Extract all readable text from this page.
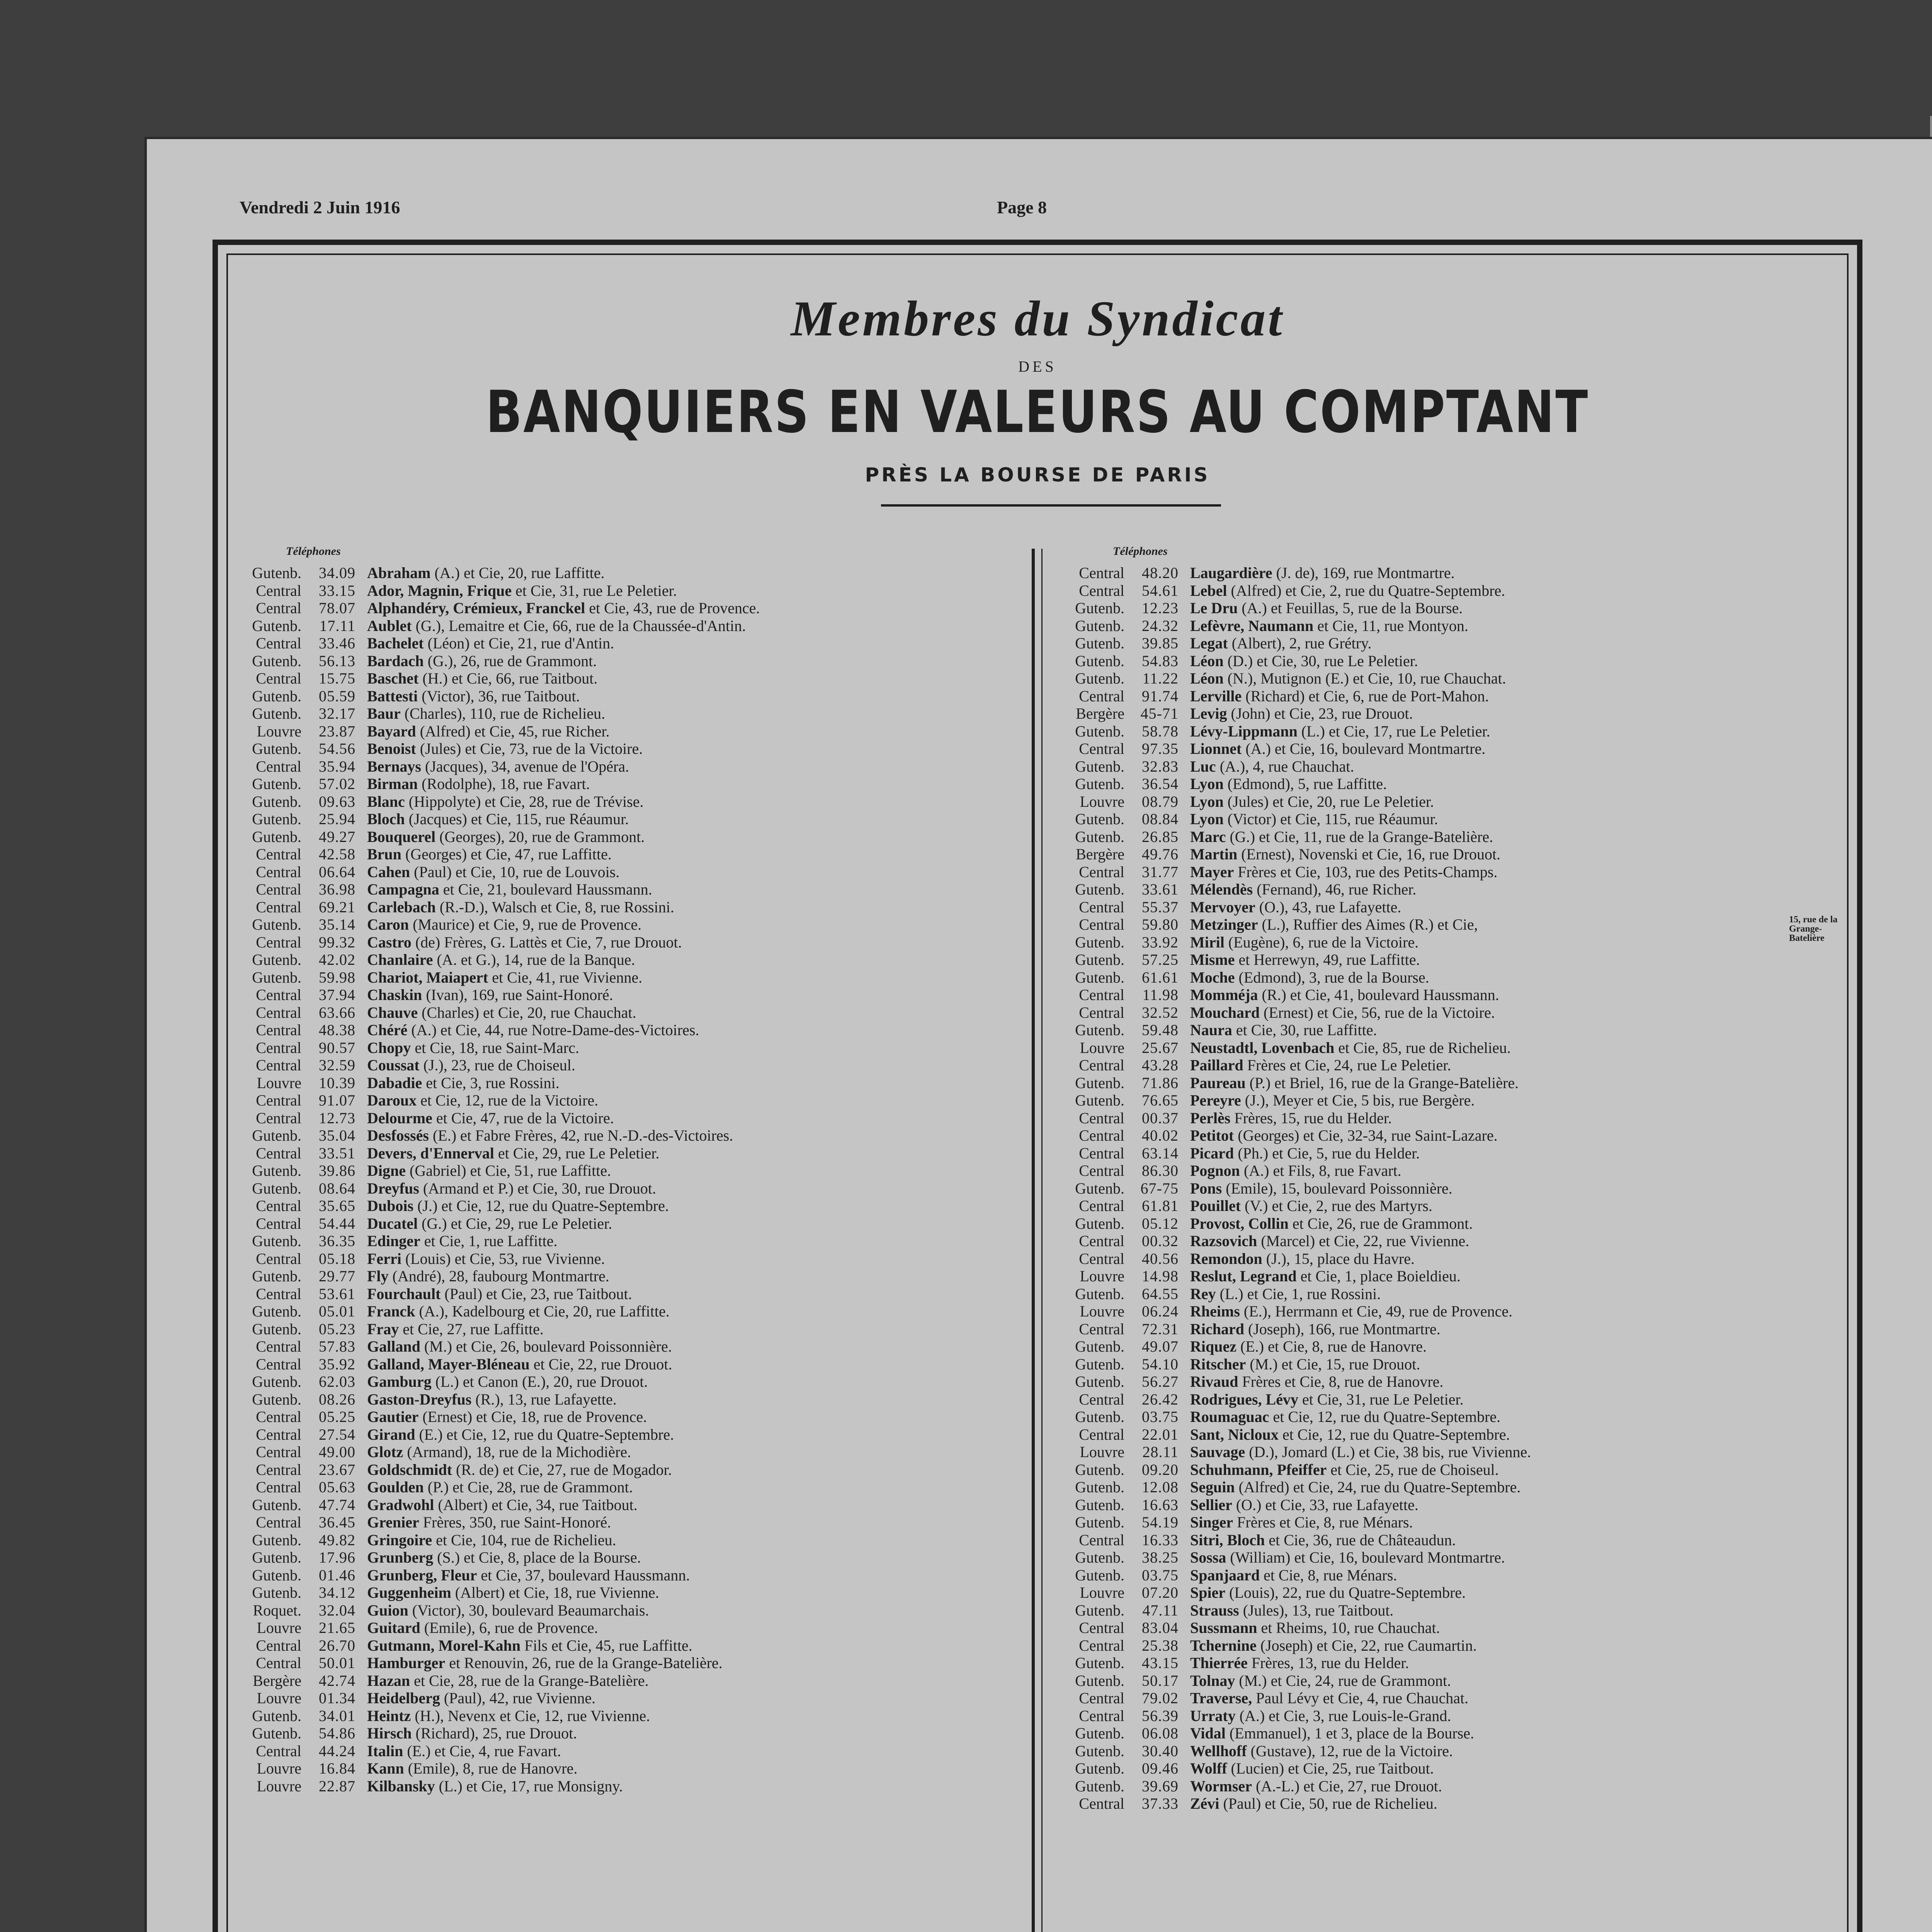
Vendredi 2 Juin 1916	Page 8
Membres du Syndicat
DES
BANQUIERS EN VALEURS AU COMPTANT
PRÈS LA BOURSE DE PARIS
Téléphones	Téléphones
Gutenb.	34.09 Abraham (A.) et Cie, 20, rue Laffitte.
Central	33.15 Ador, Magnin, Frique et Cie, 31, rue Le Peletier.
Central	78.07 Alphandéry, Crémieux, Franckel et Cie, 43, rue de Provence.
Gutenb.	17.11 Aublet (G.), Lemaitre et Cie, 66, rue de la Chaussée-d'Antin.
Central	33.46 Bachelet (Léon) et Cie, 21, rue d'Antin.
Gutenb.	56.13 Bardach (G.), 26, rue de Grammont.
Central	15.75 Baschet (H.) et Cie, 66, rue Taitbout.
Gutenb.	05.59 Battesti (Victor), 36, rue Taitbout.
Gutenb.	32.17 Baur (Charles), 110, rue de Richelieu.
Louvre	23.87 Bayard (Alfred) et Cie, 45, rue Richer.
Gutenb.	54.56 Benoist (Jules) et Cie, 73, rue de la Victoire.
Central	35.94 Bernays (Jacques), 34, avenue de l'Opéra.
Gutenb.	57.02 Birman (Rodolphe), 18, rue Favart.
Gutenb.	09.63 Blanc (Hippolyte) et Cie, 28, rue de Trévise.
Gutenb.	25.94 Bloch (Jacques) et Cie, 115, rue Réaumur.
Gutenb.	49.27 Bouquerel (Georges), 20, rue de Grammont.
Central	42.58 Brun (Georges) et Cie, 47, rue Laffitte.
Central	06.64 Cahen (Paul) et Cie, 10, rue de Louvois.
Central	36.98 Campagna et Cie, 21, boulevard Haussmann.
Central	69.21 Carlebach (R.-D.), Walsch et Cie, 8, rue Rossini.
Gutenb.	35.14 Caron (Maurice) et Cie, 9, rue de Provence.
Central	99.32 Castro (de) Frères, G. Lattès et Cie, 7, rue Drouot.
Gutenb.	42.02 Chanlaire (A. et G.), 14, rue de la Banque.
Gutenb.	59.98 Chariot, Maiapert et Cie, 41, rue Vivienne.
Central	37.94 Chaskin (Ivan), 169, rue Saint-Honoré.
Central	63.66 Chauve (Charles) et Cie, 20, rue Chauchat.
Central	48.38 Chéré (A.) et Cie, 44, rue Notre-Dame-des-Victoires.
Central	90.57 Chopy et Cie, 18, rue Saint-Marc.
Central	32.59 Coussat (J.), 23, rue de Choiseul.
Louvre	10.39 Dabadie et Cie, 3, rue Rossini.
Central	91.07 Daroux et Cie, 12, rue de la Victoire.
Central	12.73 Delourme et Cie, 47, rue de la Victoire.
Gutenb.	35.04 Desfossés (E.) et Fabre Frères, 42, rue N.-D.-des-Victoires.
Central	33.51 Devers, d'Ennerval et Cie, 29, rue Le Peletier.
Gutenb.	39.86 Digne (Gabriel) et Cie, 51, rue Laffitte.
Gutenb.	08.64 Dreyfus (Armand et P.) et Cie, 30, rue Drouot.
Central	35.65 Dubois (J.) et Cie, 12, rue du Quatre-Septembre.
Central	54.44 Ducatel (G.) et Cie, 29, rue Le Peletier.
Gutenb.	36.35 Edinger et Cie, 1, rue Laffitte.
Central	05.18 Ferri (Louis) et Cie, 53, rue Vivienne.
Gutenb.	29.77 Fly (André), 28, faubourg Montmartre.
Central	53.61 Fourchault (Paul) et Cie, 23, rue Taitbout.
Gutenb.	05.01 Franck (A.), Kadelbourg et Cie, 20, rue Laffitte.
Gutenb.	05.23 Fray et Cie, 27, rue Laffitte.
Central	57.83 Galland (M.) et Cie, 26, boulevard Poissonnière.
Central	35.92 Galland, Mayer-Bléneau et Cie, 22, rue Drouot.
Gutenb.	62.03 Gamburg (L.) et Canon (E.), 20, rue Drouot.
Gutenb.	08.26 Gaston-Dreyfus (R.), 13, rue Lafayette.
Central	05.25 Gautier (Ernest) et Cie, 18, rue de Provence.
Central	27.54 Girand (E.) et Cie, 12, rue du Quatre-Septembre.
Central	49.00 Glotz (Armand), 18, rue de la Michodière.
Central	23.67 Goldschmidt (R. de) et Cie, 27, rue de Mogador.
Central	05.63 Goulden (P.) et Cie, 28, rue de Grammont.
Gutenb.	47.74 Gradwohl (Albert) et Cie, 34, rue Taitbout.
Central	36.45 Grenier Frères, 350, rue Saint-Honoré.
Gutenb.	49.82 Gringoire et Cie, 104, rue de Richelieu.
Gutenb.	17.96 Grunberg (S.) et Cie, 8, place de la Bourse.
Gutenb.	01.46 Grunberg, Fleur et Cie, 37, boulevard Haussmann.
Gutenb.	34.12 Guggenheim (Albert) et Cie, 18, rue Vivienne.
Roquet.	32.04 Guion (Victor), 30, boulevard Beaumarchais.
Louvre	21.65 Guitard (Emile), 6, rue de Provence.
Central	26.70 Gutmann, Morel-Kahn Fils et Cie, 45, rue Laffitte.
Central	50.01 Hamburger et Renouvin, 26, rue de la Grange-Batelière.
Bergère	42.74 Hazan et Cie, 28, rue de la Grange-Batelière.
Louvre	01.34 Heidelberg (Paul), 42, rue Vivienne.
Gutenb.	34.01 Heintz (H.), Nevenx et Cie, 12, rue Vivienne.
Gutenb.	54.86 Hirsch (Richard), 25, rue Drouot.
Central	44.24 Italin (E.) et Cie, 4, rue Favart.
Louvre	16.84 Kann (Emile), 8, rue de Hanovre.
Louvre	22.87 Kilbansky (L.) et Cie, 17, rue Monsigny.
Central	48.20 Laugardière (J. de), 169, rue Montmartre.
Central	54.61 Lebel (Alfred) et Cie, 2, rue du Quatre-Septembre.
Gutenb.	12.23 Le Dru (A.) et Feuillas, 5, rue de la Bourse.
Gutenb.	24.32 Lefèvre, Naumann et Cie, 11, rue Montyon.
Gutenb.	39.85 Legat (Albert), 2, rue Grétry.
Gutenb.	54.83 Léon (D.) et Cie, 30, rue Le Peletier.
Gutenb.	11.22 Léon (N.), Mutignon (E.) et Cie, 10, rue Chauchat.
Central	91.74 Lerville (Richard) et Cie, 6, rue de Port-Mahon.
Bergère	45-71 Levig (John) et Cie, 23, rue Drouot.
Gutenb.	58.78 Lévy-Lippmann (L.) et Cie, 17, rue Le Peletier.
Central	97.35 Lionnet (A.) et Cie, 16, boulevard Montmartre.
Gutenb.	32.83 Luc (A.), 4, rue Chauchat.
Gutenb.	36.54 Lyon (Edmond), 5, rue Laffitte.
Louvre	08.79 Lyon (Jules) et Cie, 20, rue Le Peletier.
Gutenb.	08.84 Lyon (Victor) et Cie, 115, rue Réaumur.
Gutenb.	26.85 Marc (G.) et Cie, 11, rue de la Grange-Batelière.
Bergère	49.76 Martin (Ernest), Novenski et Cie, 16, rue Drouot.
Central	31.77 Mayer Frères et Cie, 103, rue des Petits-Champs.
Gutenb.	33.61 Mélendès (Fernand), 46, rue Richer.
Central	55.37 Mervoyer (O.), 43, rue Lafayette.
Central	59.80 Metzinger (L.), Ruffier des Aimes (R.) et Cie,	15, rue de la Grange-Batelière
Gutenb.	33.92 Miril (Eugène), 6, rue de la Victoire.
Gutenb.	57.25 Misme et Herrewyn, 49, rue Laffitte.
Gutenb.	61.61 Moche (Edmond), 3, rue de la Bourse.
Central	11.98 Momméja (R.) et Cie, 41, boulevard Haussmann.
Central	32.52 Mouchard (Ernest) et Cie, 56, rue de la Victoire.
Gutenb.	59.48 Naura et Cie, 30, rue Laffitte.
Louvre	25.67 Neustadtl, Lovenbach et Cie, 85, rue de Richelieu.
Central	43.28 Paillard Frères et Cie, 24, rue Le Peletier.
Gutenb.	71.86 Paureau (P.) et Briel, 16, rue de la Grange-Batelière.
Gutenb.	76.65 Pereyre (J.), Meyer et Cie, 5 bis, rue Bergère.
Central	00.37 Perlès Frères, 15, rue du Helder.
Central	40.02 Petitot (Georges) et Cie, 32-34, rue Saint-Lazare.
Central	63.14 Picard (Ph.) et Cie, 5, rue du Helder.
Central	86.30 Pognon (A.) et Fils, 8, rue Favart.
Gutenb.	67-75 Pons (Emile), 15, boulevard Poissonnière.
Central	61.81 Pouillet (V.) et Cie, 2, rue des Martyrs.
Gutenb.	05.12 Provost, Collin et Cie, 26, rue de Grammont.
Central	00.32 Razsovich (Marcel) et Cie, 22, rue Vivienne.
Central	40.56 Remondon (J.), 15, place du Havre.
Louvre	14.98 Reslut, Legrand et Cie, 1, place Boieldieu.
Gutenb.	64.55 Rey (L.) et Cie, 1, rue Rossini.
Louvre	06.24 Rheims (E.), Herrmann et Cie, 49, rue de Provence.
Central	72.31 Richard (Joseph), 166, rue Montmartre.
Gutenb.	49.07 Riquez (E.) et Cie, 8, rue de Hanovre.
Gutenb.	54.10 Ritscher (M.) et Cie, 15, rue Drouot.
Gutenb.	56.27 Rivaud Frères et Cie, 8, rue de Hanovre.
Central	26.42 Rodrigues, Lévy et Cie, 31, rue Le Peletier.
Gutenb.	03.75 Roumaguac et Cie, 12, rue du Quatre-Septembre.
Central	22.01 Sant, Nicloux et Cie, 12, rue du Quatre-Septembre.
Louvre	28.11 Sauvage (D.), Jomard (L.) et Cie, 38 bis, rue Vivienne.
Gutenb.	09.20 Schuhmann, Pfeiffer et Cie, 25, rue de Choiseul.
Gutenb.	12.08 Seguin (Alfred) et Cie, 24, rue du Quatre-Septembre.
Gutenb.	16.63 Sellier (O.) et Cie, 33, rue Lafayette.
Gutenb.	54.19 Singer Frères et Cie, 8, rue Ménars.
Central	16.33 Sitri, Bloch et Cie, 36, rue de Châteaudun.
Gutenb.	38.25 Sossa (William) et Cie, 16, boulevard Montmartre.
Gutenb.	03.75 Spanjaard et Cie, 8, rue Ménars.
Louvre	07.20 Spier (Louis), 22, rue du Quatre-Septembre.
Gutenb.	47.11 Strauss (Jules), 13, rue Taitbout.
Central	83.04 Sussmann et Rheims, 10, rue Chauchat.
Central	25.38 Tchernine (Joseph) et Cie, 22, rue Caumartin.
Gutenb.	43.15 Thierrée Frères, 13, rue du Helder.
Gutenb.	50.17 Tolnay (M.) et Cie, 24, rue de Grammont.
Central	79.02 Traverse, Paul Lévy et Cie, 4, rue Chauchat.
Central	56.39 Urraty (A.) et Cie, 3, rue Louis-le-Grand.
Gutenb.	06.08 Vidal (Emmanuel), 1 et 3, place de la Bourse.
Gutenb.	30.40 Wellhoff (Gustave), 12, rue de la Victoire.
Gutenb.	09.46 Wolff (Lucien) et Cie, 25, rue Taitbout.
Gutenb.	39.69 Wormser (A.-L.) et Cie, 27, rue Drouot.
Central	37.33 Zévi (Paul) et Cie, 50, rue de Richelieu.
